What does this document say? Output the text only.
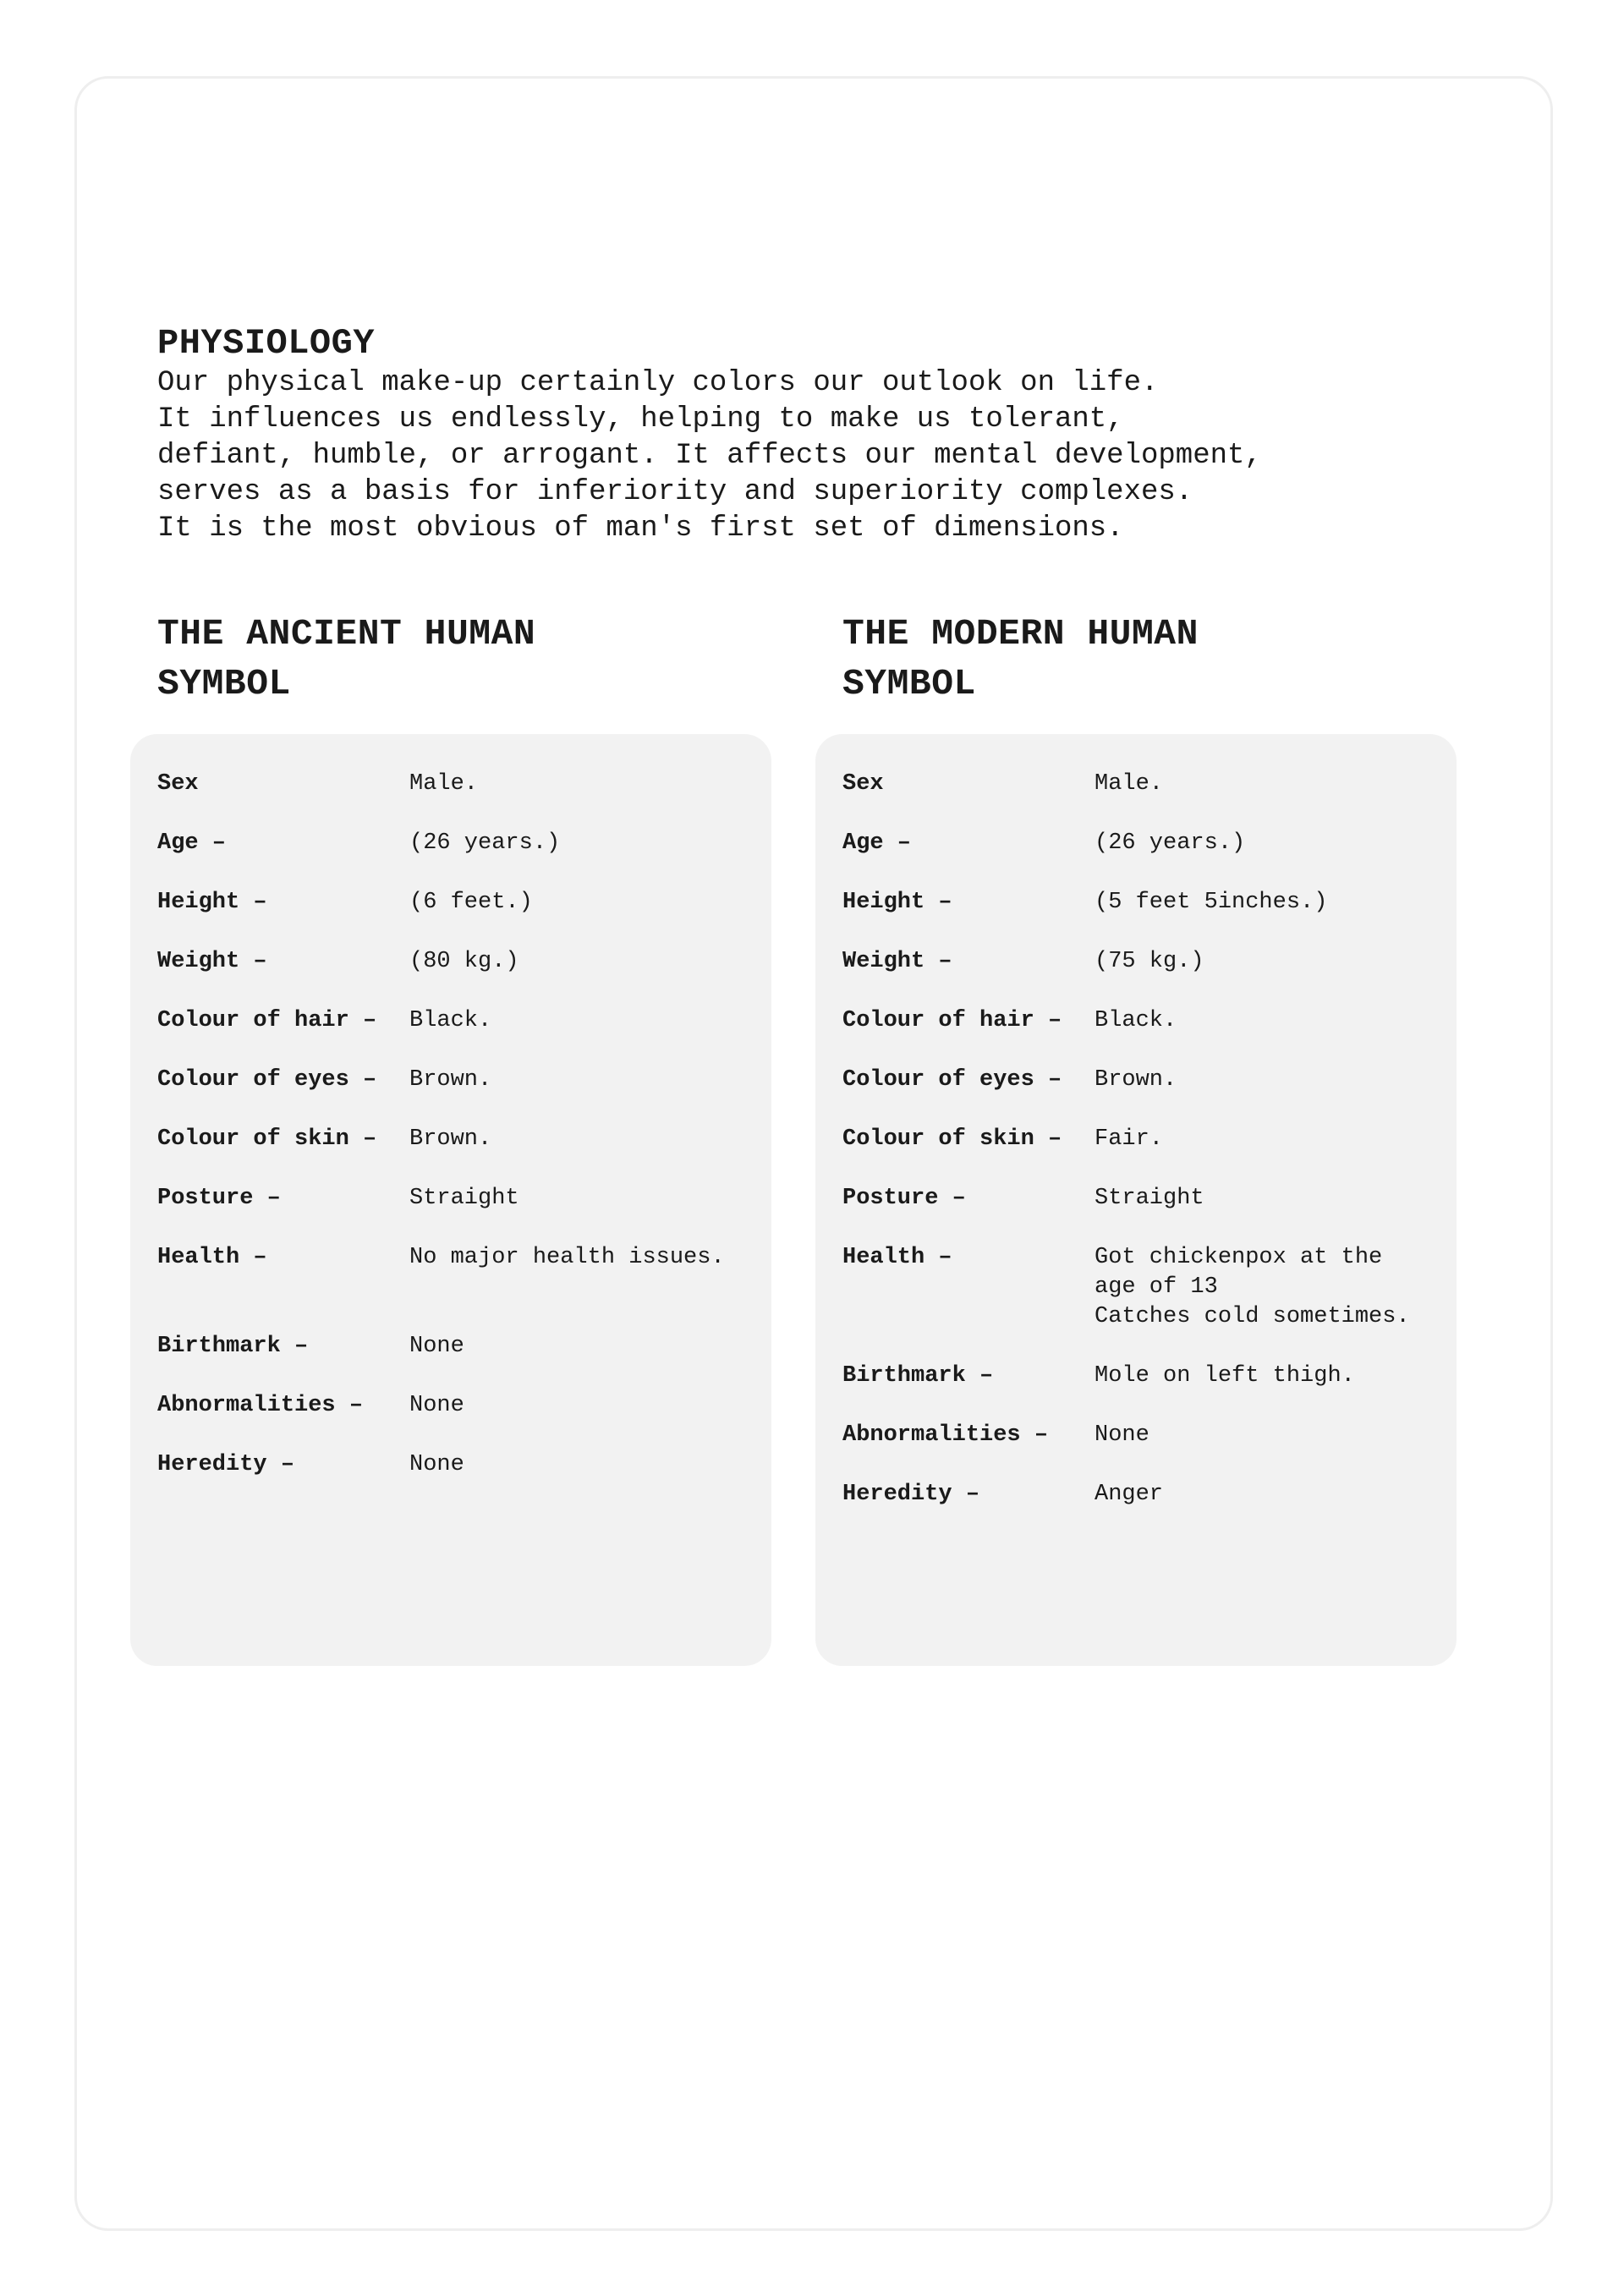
PHYSIOLOGY

Our physical make-up certainly colors our outlook on life.
It influences us endlessly, helping to make us tolerant,
defiant, humble, or arrogant. It affects our mental development,
serves as a basis for inferiority and superiority complexes.
It is the most obvious of man's first set of dimensions.

THE ANCIENT HUMAN SYMBOL
Sex	Male.
Age –	(26 years.)
Height –	(6 feet.)
Weight –	(80 kg.)
Colour of hair –	Black.
Colour of eyes –	Brown.
Colour of skin –	Brown.
Posture –	Straight
Health –	No major health issues.

Birthmark –	None
Abnormalities –	None
Heredity –	None
THE MODERN HUMAN SYMBOL
Sex	Male.
Age –	(26 years.)
Height –	(5 feet 5inches.)
Weight –	(75 kg.)
Colour of hair –	Black.
Colour of eyes –	Brown.
Colour of skin –	Fair.
Posture –	Straight
Health –	Got chickenpox at the
age of 13
Catches cold sometimes.
Birthmark –	Mole on left thigh.
Abnormalities –	None
Heredity –	Anger
